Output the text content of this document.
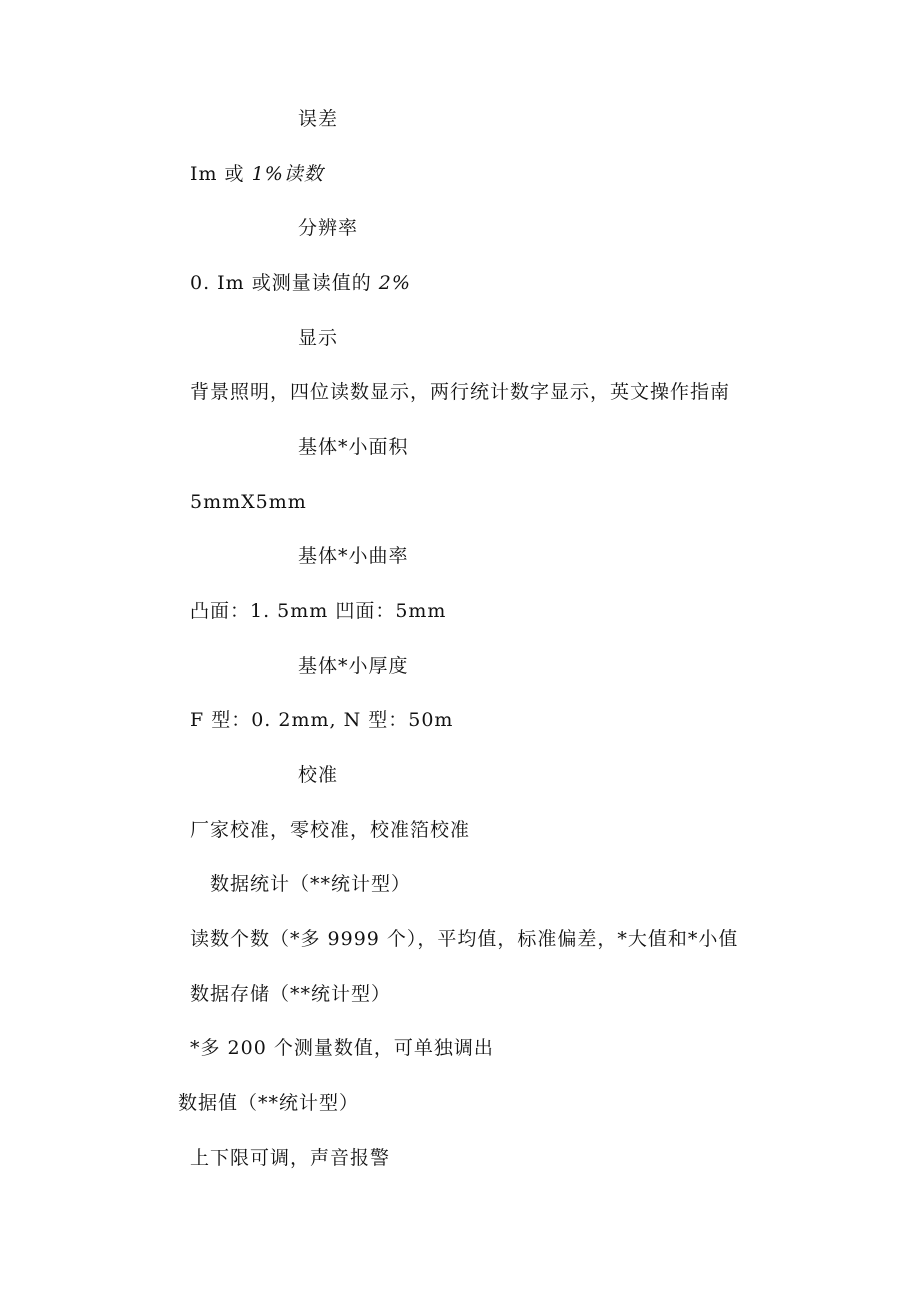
误差
Im 或 1%读数
分辨率
0. Im 或测量读值的 2%
显示
背景照明，四位读数显示，两行统计数字显示，英文操作指南
基体*小面积
5mmX5mm
基体*小曲率
凸面：1. 5mm 凹面：5mm
基体*小厚度
F 型：0. 2mm, N 型：50m
校准
厂家校准，零校准，校准箔校准
数据统计（**统计型）
读数个数（*多 9999 个），平均值，标准偏差，*大值和*小值
数据存储（**统计型）
*多 200 个测量数值，可单独调出
数据值（**统计型）
上下限可调，声音报警
